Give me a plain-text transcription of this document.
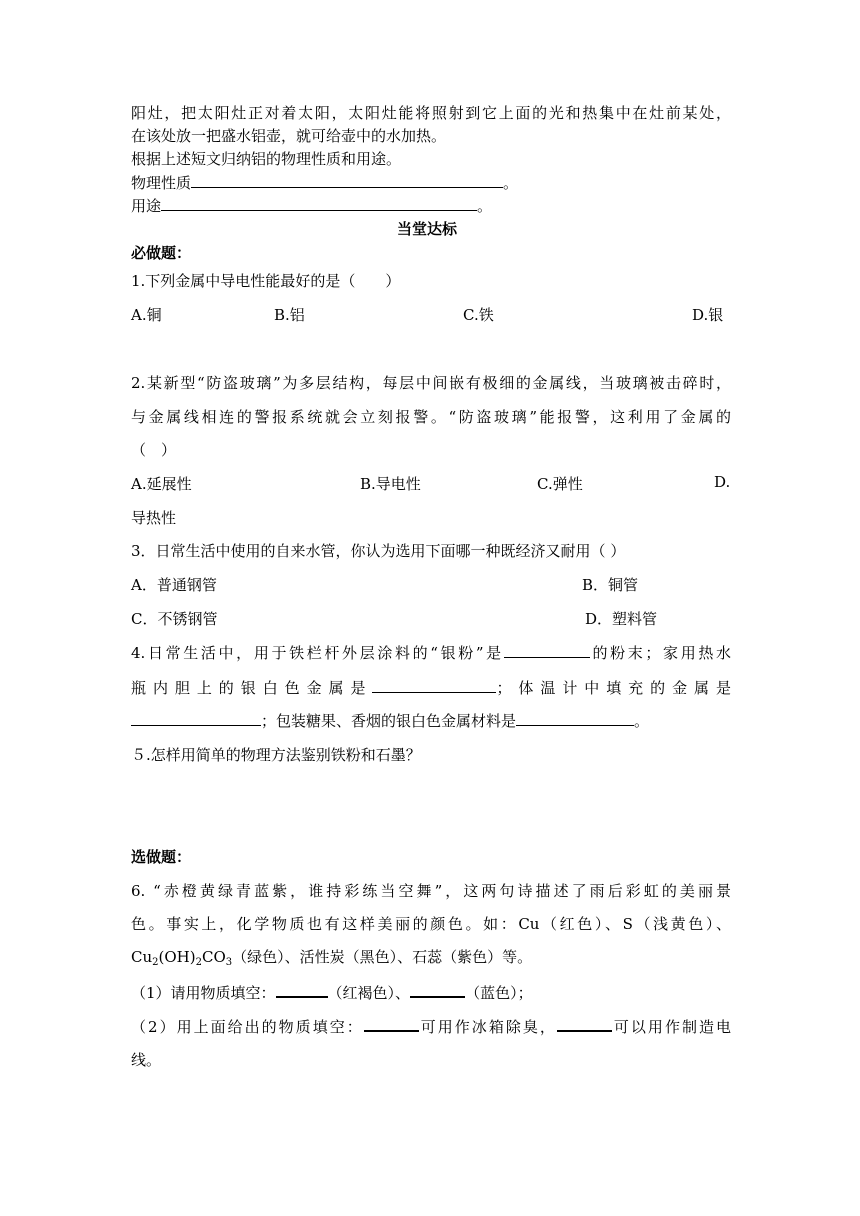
阳灶，把太阳灶正对着太阳，太阳灶能将照射到它上面的光和热集中在灶前某处，
在该处放一把盛水铝壶，就可给壶中的水加热。
根据上述短文归纳铝的物理性质和用途。
物理性质	。
用途	。
当堂达标
必做题：
1.下列金属中导电性能最好的是（　　）
A.铜	B.铝	C.铁	D.银
2.某新型“防盗玻璃”为多层结构，每层中间嵌有极细的金属线，当玻璃被击碎时，
与金属线相连的警报系统就会立刻报警。“防盗玻璃”能报警，这利用了金属的
（　）
A.延展性	B.导电性	C.弹性	D.
导热性
3．日常生活中使用的自来水管，你认为选用下面哪一种既经济又耐用（ ）
A．普通钢管	B．铜管
C．不锈钢管	D．塑料管
4.日常生活中，用于铁栏杆外层涂料的“银粉”是	的粉末；家用热水
瓶内胆上的银白色金属是	；体温计中填充的金属是
；包装糖果、香烟的银白色金属材料是	。
５.怎样用简单的物理方法鉴别铁粉和石墨？
选做题：
6. “赤橙黄绿青蓝紫，谁持彩练当空舞”，这两句诗描述了雨后彩虹的美丽景
色。事实上，化学物质也有这样美丽的颜色。如：Cu（红色）、S（浅黄色）、
$Cu_2(OH)_2CO_3$（绿色）、活性炭（黑色）、石蕊（紫色）等。
（1）请用物质填空：	（红褐色）、	（蓝色）；
（2）用上面给出的物质填空：	可用作冰箱除臭，	可以用作制造电
线。
